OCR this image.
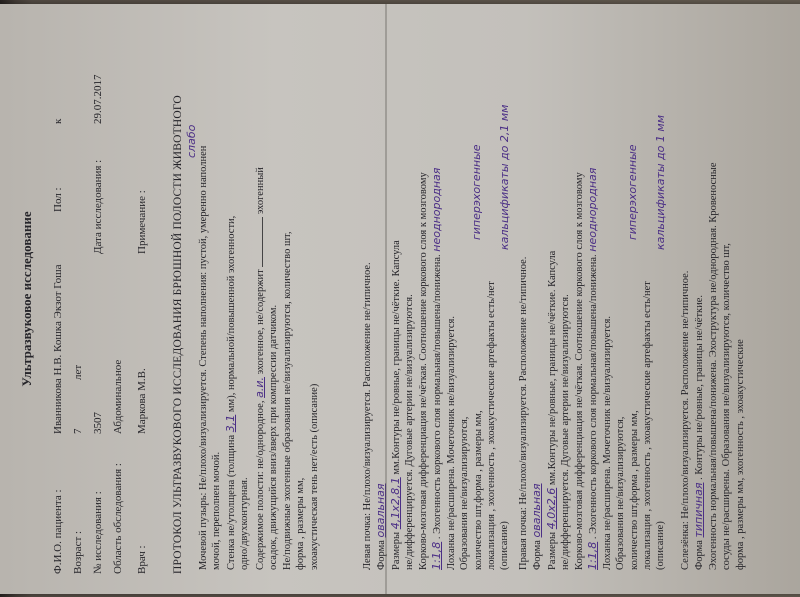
Ультразвуковое исследование
Ф.И.О. пациента :
Иванникова Н.В. Кошка Экзот Гоша
Пол :
к
Возраст :
7
лет
№ исследования :
3507
Дата исследования :
29.07.2017
Область обследования :
Абдоминальное
Врач :
Маркова М.В.
Примечание : ПРОТОКОЛ УЛЬТРАЗВУКОВОГО ИССЛЕДОВАНИЯ БРЮШНОЙ ПОЛОСТИ ЖИВОТНОГО Мочевой пузырь: Не/плохо/визуализируется. Степень наполнения: пустой, умеренно наполнен
слабо
мочой, переполнен мочой. Стенка не/утолщена (толщина 3,1 мм), нормальной/повышенной эхогенности,
одно/двухконтурная. Содержимое полости: не/однородное, а.и. эхогенное, не/содержит  эхогенный
осадок, движущийся вниз/вверх при компрессии датчиком. Не/подвижные эхогенные образования не/визуализируются, количество шт, форма , размеры мм, эхоакустическая тень нет/есть (описание)	Левая почка: Не/плохо/визуализируется. Расположение не/типичное. Форма овальная
Размеры 4,1х2,8,1 мм.Контуры не/ровные, границы не/чёткие. Капсула не/дифференцируется. Дуговые артерии не/визуализируются. Корково-мозговая дифференциация не/чёткая. Соотношение коркового слоя к мозговому 1:1,8 . Эхогенность коркового слоя нормальная/повышена/понижена. неоднородная
Лоханка не/расширена. Мочеточник не/визуализируется. Образования не/визуализируются, количество шт,форма , размеры мм,
гиперэхогенные
локализация , эхогенность , эхоакустические артефакты есть/нет (описание)
кальцификаты до 2,1 мм
Правая почка: Не/плохо/визуализируется. Расположение не/типичное. Форма овальная
Размеры 4,0х2,6 мм.Контуры не/ровные, границы не/чёткие. Капсула не/дифференцируется. Дуговые артерии не/визуализируются. Корково-мозговая дифференциация не/чёткая. Соотношение коркового слоя к мозговому 1:1,8 . Эхогенность коркового слоя нормальная/повышена/понижена. неоднородная
Лоханка не/расширена. Мочеточник не/визуализируется. Образования не/визуализируются, количество шт,форма , размеры мм,
гиперэхогенные
локализация , эхогенность , эхоакустические артефакты есть/нет (описание)
кальцификаты до 1 мм
Селезёнка: Не/плохо/визуализируется. Расположение не/типичное. Форма типичная . Контуры не/ровные, границы не/чёткие. Эхогенность нормальная/повышена/понижена. Эхоструктура не/однородная. Кровеносные сосуды не/расширены. Образования не/визуализируются, количество шт, форма , размеры мм, эхогенность , эхоакустические
